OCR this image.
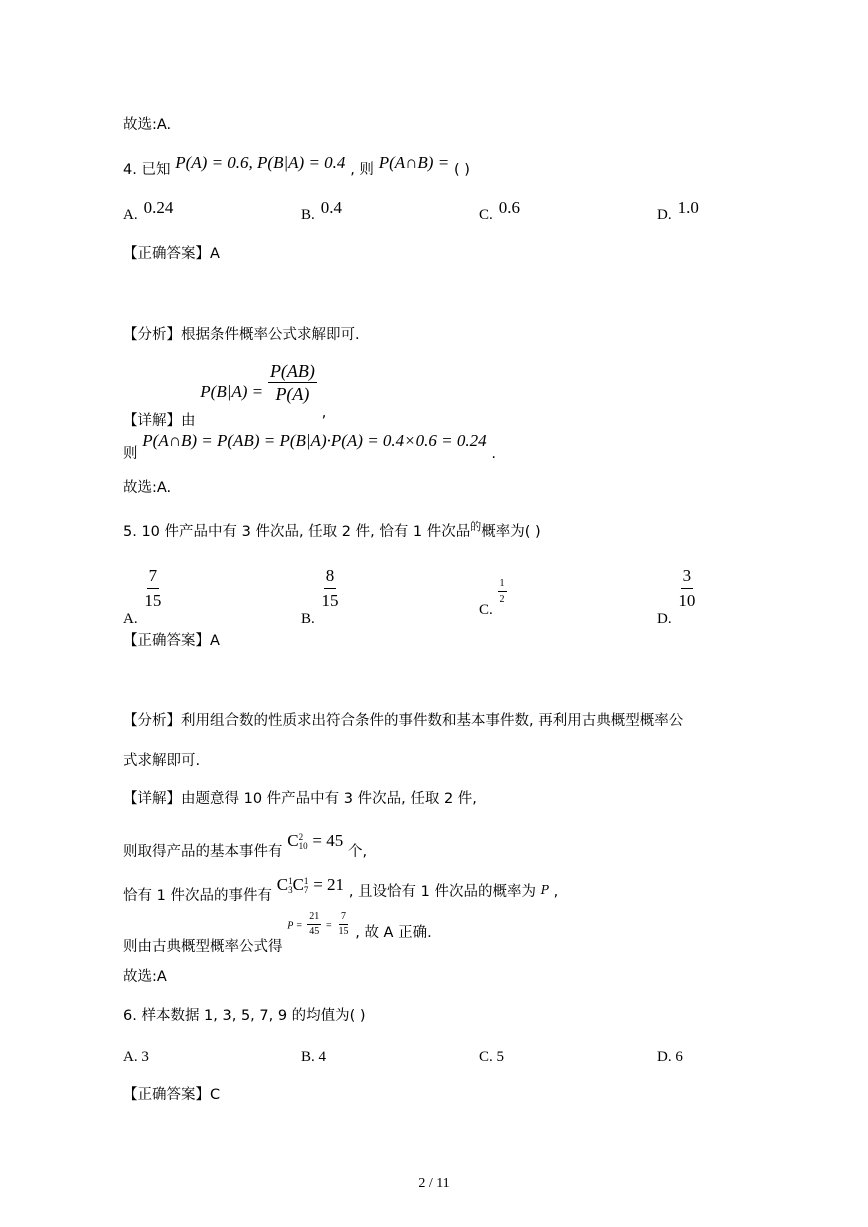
故选:A.
4. 已知 P(A) = 0.6, P(B|A) = 0.4 , 则 P(A∩B) = ( )
A. 0.24	B. 0.4	C. 0.6	D. 1.0
【正确答案】A
【分析】根据条件概率公式求解即可.
【详解】由 $P(B|A) = \frac{P(AB)}{P(A)}$
,
则 P(A∩B) = P(AB) = P(B|A)·P(A) = 0.4×0.6 = 0.24 .
故选:A.
5. 10 件产品中有 3 件次品, 任取 2 件, 恰有 1 件次品$^的$概率为( )
A.
$\frac{7}{15}$
B.
$\frac{8}{15}$	C.
$\frac{1}{2}$
D.
$\frac{3}{10}$
【正确答案】A
【分析】利用组合数的性质求出符合条件的事件数和基本事件数, 再利用古典概型概率公
式求解即可.
【详解】由题意得 10 件产品中有 3 件次品, 任取 2 件,
则取得产品的基本事件有 C 2
10 = 45 个,
恰有 1 件次品的事件有 C 1
3 C 1
7 = 21 , 且设恰有 1 件次品的概率为 $_P$ ,
则由古典概型概率公式得 $P = \frac{21}{45} = \frac{7}{15}$ , 故 A 正确.
故选:A
6. 样本数据 1, 3, 5, 7, 9 的均值为( )
A. 3	B. 4	C. 5	D. 6
【正确答案】C
2 / 11
